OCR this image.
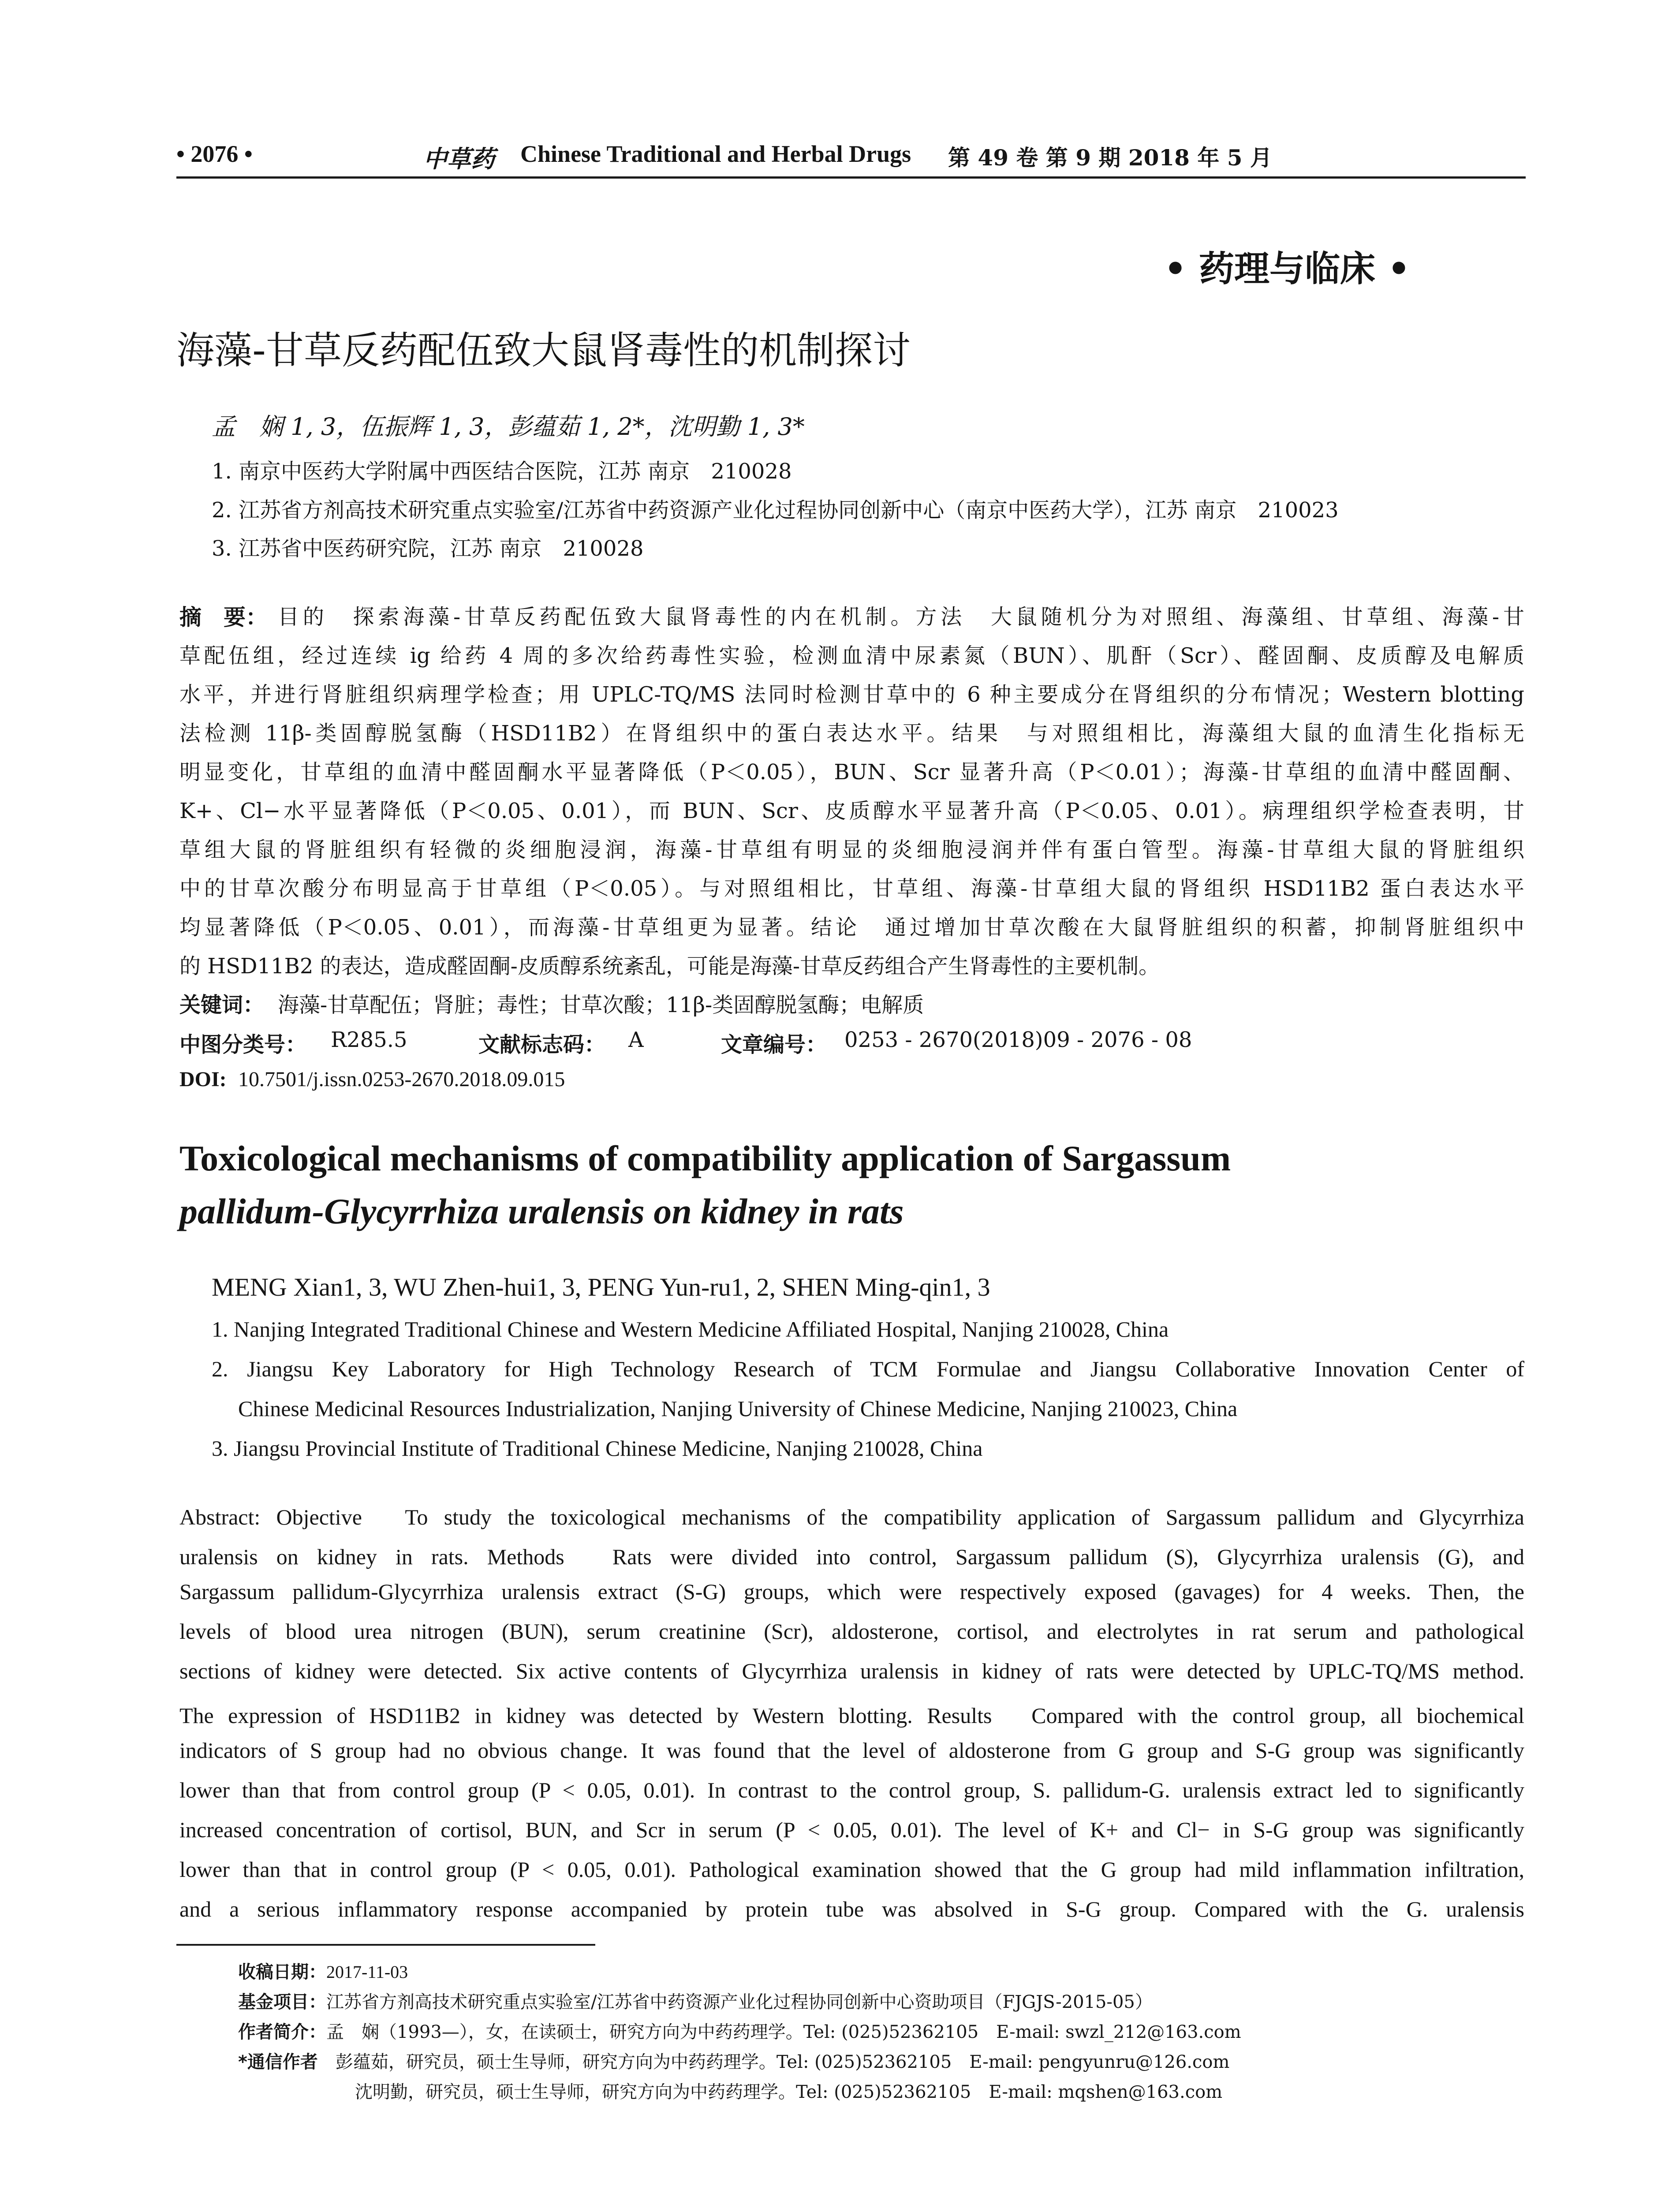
• 2076 •	中草药 Chinese Traditional and Herbal Drugs 第 49 卷 第 9 期 2018 年 5 月
• 药理与临床 •
海藻-甘草反药配伍致大鼠肾毒性的机制探讨
孟　娴 1, 3，伍振辉 1, 3，彭蕴茹 1, 2*，沈明勤 1, 3*
1. 南京中医药大学附属中西医结合医院，江苏 南京　210028
2. 江苏省方剂高技术研究重点实验室/江苏省中药资源产业化过程协同创新中心（南京中医药大学），江苏 南京　210023
3. 江苏省中医药研究院，江苏 南京　210028
摘　要： 目的　探索海藻-甘草反药配伍致大鼠肾毒性的内在机制。方法　大鼠随机分为对照组、海藻组、甘草组、海藻-甘
草配伍组，经过连续 ig 给药 4 周的多次给药毒性实验，检测血清中尿素氮（BUN）、肌酐（Scr）、醛固酮、皮质醇及电解质
水平，并进行肾脏组织病理学检查；用 UPLC-TQ/MS 法同时检测甘草中的 6 种主要成分在肾组织的分布情况；Western blotting
法检测 11β-类固醇脱氢酶（HSD11B2）在肾组织中的蛋白表达水平。结果　与对照组相比，海藻组大鼠的血清生化指标无
明显变化，甘草组的血清中醛固酮水平显著降低（P＜0.05），BUN、Scr 显著升高（P＜0.01）；海藻-甘草组的血清中醛固酮、
K+、Cl−水平显著降低（P＜0.05、0.01），而 BUN、Scr、皮质醇水平显著升高（P＜0.05、0.01）。病理组织学检查表明，甘
草组大鼠的肾脏组织有轻微的炎细胞浸润，海藻-甘草组有明显的炎细胞浸润并伴有蛋白管型。海藻-甘草组大鼠的肾脏组织
中的甘草次酸分布明显高于甘草组（P＜0.05）。与对照组相比，甘草组、海藻-甘草组大鼠的肾组织 HSD11B2 蛋白表达水平
均显著降低（P＜0.05、0.01），而海藻-甘草组更为显著。结论　通过增加甘草次酸在大鼠肾脏组织的积蓄，抑制肾脏组织中
的 HSD11B2 的表达，造成醛固酮-皮质醇系统紊乱，可能是海藻-甘草反药组合产生肾毒性的主要机制。
关键词： 海藻-甘草配伍；肾脏；毒性；甘草次酸；11β-类固醇脱氢酶；电解质
中图分类号： R285.5	文献标志码： A	文章编号： 0253 - 2670(2018)09 - 2076 - 08
DOI: 10.7501/j.issn.0253-2670.2018.09.015
Toxicological mechanisms of compatibility application of Sargassum
pallidum-Glycyrrhiza uralensis on kidney in rats
MENG Xian1, 3, WU Zhen-hui1, 3, PENG Yun-ru1, 2, SHEN Ming-qin1, 3
1. Nanjing Integrated Traditional Chinese and Western Medicine Affiliated Hospital, Nanjing 210028, China
2. Jiangsu Key Laboratory for High Technology Research of TCM Formulae and Jiangsu Collaborative Innovation Center of
Chinese Medicinal Resources Industrialization, Nanjing University of Chinese Medicine, Nanjing 210023, China
3. Jiangsu Provincial Institute of Traditional Chinese Medicine, Nanjing 210028, China
Abstract: Objective　To study the toxicological mechanisms of the compatibility application of Sargassum pallidum and Glycyrrhiza
uralensis on kidney in rats. Methods　Rats were divided into control, Sargassum pallidum (S), Glycyrrhiza uralensis (G), and
Sargassum pallidum-Glycyrrhiza uralensis extract (S-G) groups, which were respectively exposed (gavages) for 4 weeks. Then, the
levels of blood urea nitrogen (BUN), serum creatinine (Scr), aldosterone, cortisol, and electrolytes in rat serum and pathological
sections of kidney were detected. Six active contents of Glycyrrhiza uralensis in kidney of rats were detected by UPLC-TQ/MS method.
The expression of HSD11B2 in kidney was detected by Western blotting. Results　Compared with the control group, all biochemical
indicators of S group had no obvious change. It was found that the level of aldosterone from G group and S-G group was significantly
lower than that from control group (P < 0.05, 0.01). In contrast to the control group, S. pallidum-G. uralensis extract led to significantly
increased concentration of cortisol, BUN, and Scr in serum (P < 0.05, 0.01). The level of K+ and Cl− in S-G group was significantly
lower than that in control group (P < 0.05, 0.01). Pathological examination showed that the G group had mild inflammation infiltration,
and a serious inflammatory response accompanied by protein tube was absolved in S-G group. Compared with the G. uralensis
收稿日期：2017-11-03
基金项目：江苏省方剂高技术研究重点实验室/江苏省中药资源产业化过程协同创新中心资助项目（FJGJS-2015-05）
作者简介：孟　娴（1993—），女，在读硕士，研究方向为中药药理学。Tel: (025)52362105　E-mail: swzl_212@163.com
*通信作者 彭蕴茹，研究员，硕士生导师，研究方向为中药药理学。Tel: (025)52362105　E-mail: pengyunru@126.com
沈明勤，研究员，硕士生导师，研究方向为中药药理学。Tel: (025)52362105　E-mail: mqshen@163.com
